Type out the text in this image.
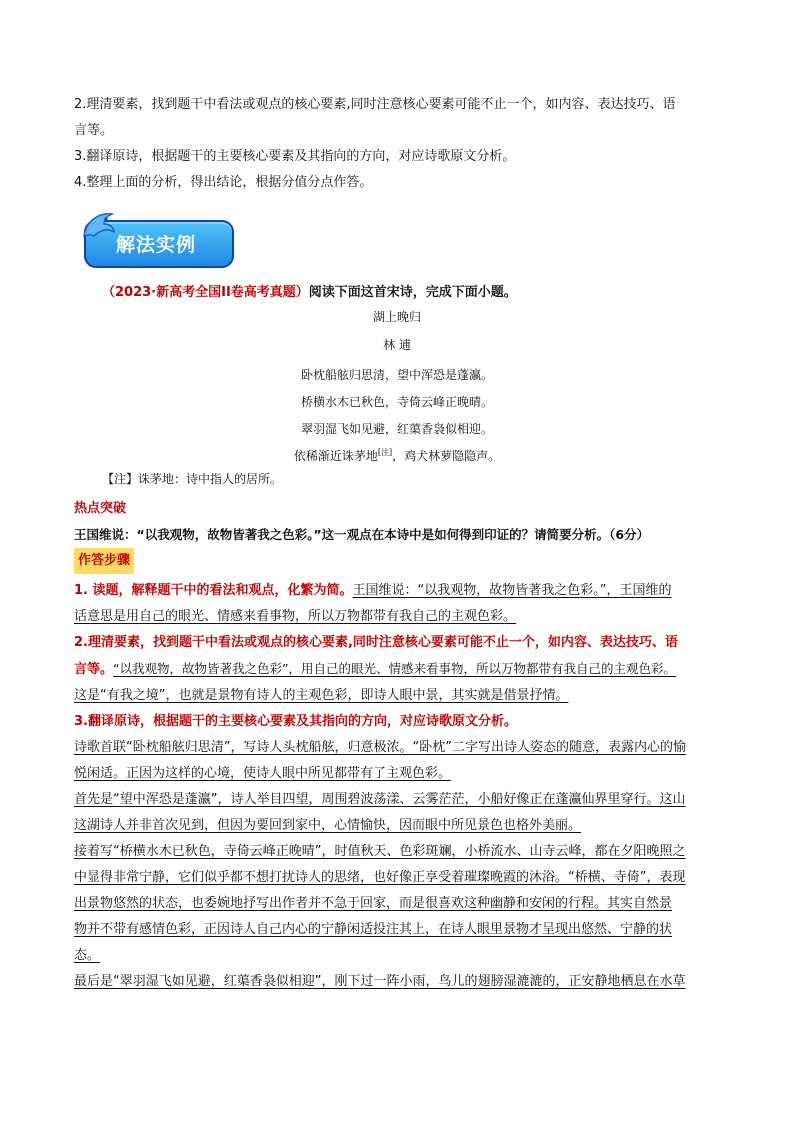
2.理清要素，找到题干中看法或观点的核心要素,同时注意核心要素可能不止一个，如内容、表达技巧、语
言等。
3.翻译原诗，根据题干的主要核心要素及其指向的方向，对应诗歌原文分析。
4.整理上面的分析，得出结论，根据分值分点作答。
解法实例
（2023·新高考全国II卷高考真题）阅读下面这首宋诗，完成下面小题。
湖上晚归
林 逋
卧枕船舷归思清，望中浑恐是蓬瀛。
桥横水木已秋色，寺倚云峰正晚晴。
翠羽湿飞如见避，红蕖香袅似相迎。
依稀渐近诛茅地[注]，鸡犬林萝隐隐声。
【注】诛茅地：诗中指人的居所。
热点突破
王国维说：“以我观物，故物皆著我之色彩。”这一观点在本诗中是如何得到印证的？请简要分析。（6分）
作答步骤
1. 读题，解释题干中的看法和观点，化繁为简。王国维说：“以我观物，故物皆著我之色彩。”，王国维的
话意思是用自己的眼光、情感来看事物，所以万物都带有我自己的主观色彩。
2.理清要素，找到题干中看法或观点的核心要素,同时注意核心要素可能不止一个，如内容、表达技巧、语
言等。“以我观物，故物皆著我之色彩”，用自己的眼光、情感来看事物，所以万物都带有我自己的主观色彩。
这是“有我之境”，也就是景物有诗人的主观色彩，即诗人眼中景，其实就是借景抒情。
3.翻译原诗，根据题干的主要核心要素及其指向的方向，对应诗歌原文分析。
诗歌首联“卧枕船舷归思清”，写诗人头枕船舷，归意极浓。“卧枕”二字写出诗人姿态的随意，表露内心的愉
悦闲适。正因为这样的心境，使诗人眼中所见都带有了主观色彩。
首先是“望中浑恐是蓬瀛”，诗人举目四望，周围碧波荡漾、云雾茫茫，小船好像正在蓬瀛仙界里穿行。这山
这湖诗人并非首次见到，但因为要回到家中，心情愉快，因而眼中所见景色也格外美丽。
接着写“桥横水木已秋色，寺倚云峰正晚晴”，时值秋天、色彩斑斓，小桥流水、山寺云峰，都在夕阳晚照之
中显得非常宁静，它们似乎都不想打扰诗人的思绪，也好像正享受着璀璨晚霞的沐浴。“桥横、寺倚”，表现
出景物悠然的状态，也委婉地抒写出作者并不急于回家，而是很喜欢这种幽静和安闲的行程。其实自然景
物并不带有感情色彩，正因诗人自己内心的宁静闲适投注其上，在诗人眼里景物才呈现出悠然、宁静的状
态。
最后是“翠羽湿飞如见避，红蕖香袅似相迎”，刚下过一阵小雨，鸟儿的翅膀湿漉漉的，正安静地栖息在水草
